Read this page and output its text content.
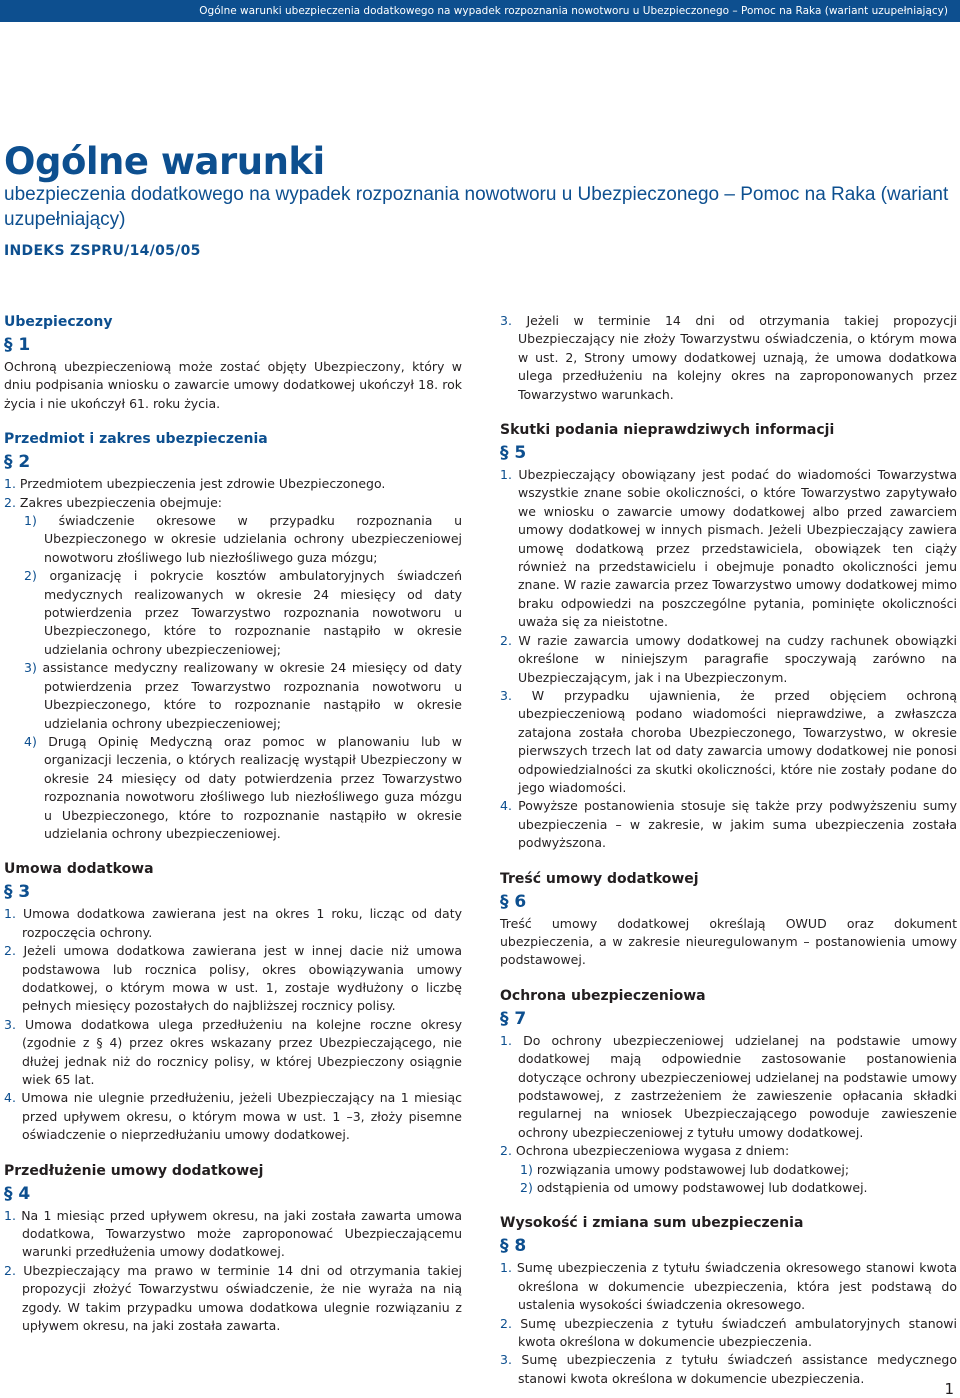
Ogólne warunki ubezpieczenia dodatkowego na wypadek rozpoznania nowotworu u Ubezpieczonego – Pomoc na Raka (wariant uzupełniający)
Ogólne warunki
ubezpieczenia dodatkowego na wypadek rozpoznania nowotworu u Ubezpieczonego – Pomoc na Raka (wariant uzupełniający)
INDEKS ZSPRU/14/05/05
Ubezpieczony
§ 1

Ochroną ubezpieczeniową może zostać objęty Ubezpieczony, który w dniu podpisania wniosku o zawarcie umowy dodatkowej ukończył 18. rok życia i nie ukończył 61. roku życia.

Przedmiot i zakres ubezpieczenia
§ 2
1. Przedmiotem ubezpieczenia jest zdrowie Ubezpieczonego.
2. Zakres ubezpieczenia obejmuje:
1) świadczenie okresowe w przypadku rozpoznania u Ubezpieczonego w okresie udzielania ochrony ubezpieczeniowej nowotworu złośliwego lub niezłośliwego guza mózgu;
2) organizację i pokrycie kosztów ambulatoryjnych świadczeń medycznych realizowanych w okresie 24 miesięcy od daty potwierdzenia przez Towarzystwo rozpoznania nowotworu u Ubezpieczonego, które to rozpoznanie nastąpiło w okresie udzielania ochrony ubezpieczeniowej;
3) assistance medyczny realizowany w okresie 24 miesięcy od daty potwierdzenia przez Towarzystwo rozpoznania nowotworu u Ubezpieczonego, które to rozpoznanie nastąpiło w okresie udzielania ochrony ubezpieczeniowej;
4) Drugą Opinię Medyczną oraz pomoc w planowaniu lub w organizacji leczenia, o których realizację wystąpił Ubezpieczony w okresie 24 miesięcy od daty potwierdzenia przez Towarzystwo rozpoznania nowotworu złośliwego lub niezłośliwego guza mózgu u Ubezpieczonego, które to rozpoznanie nastąpiło w okresie udzielania ochrony ubezpieczeniowej.
Umowa dodatkowa
§ 3
1. Umowa dodatkowa zawierana jest na okres 1 roku, licząc od daty rozpoczęcia ochrony.
2. Jeżeli umowa dodatkowa zawierana jest w innej dacie niż umowa podstawowa lub rocznica polisy, okres obowiązywania umowy dodatkowej, o którym mowa w ust. 1, zostaje wydłużony o liczbę pełnych miesięcy pozostałych do najbliższej rocznicy polisy.
3. Umowa dodatkowa ulega przedłużeniu na kolejne roczne okresy (zgodnie z § 4) przez okres wskazany przez Ubezpieczającego, nie dłużej jednak niż do rocznicy polisy, w której Ubezpieczony osiągnie wiek 65 lat.
4. Umowa nie ulegnie przedłużeniu, jeżeli Ubezpieczający na 1 miesiąc przed upływem okresu, o którym mowa w ust. 1 –3, złoży pisemne oświadczenie o nieprzedłużaniu umowy dodatkowej.
Przedłużenie umowy dodatkowej
§ 4
1. Na 1 miesiąc przed upływem okresu, na jaki została zawarta umowa dodatkowa, Towarzystwo może zaproponować Ubezpieczającemu warunki przedłużenia umowy dodatkowej.
2. Ubezpieczający ma prawo w terminie 14 dni od otrzymania takiej propozycji złożyć Towarzystwu oświadczenie, że nie wyraża na nią zgody. W takim przypadku umowa dodatkowa ulegnie rozwiązaniu z upływem okresu, na jaki została zawarta.
3. Jeżeli w terminie 14 dni od otrzymania takiej propozycji Ubezpieczający nie złoży Towarzystwu oświadczenia, o którym mowa w ust. 2, Strony umowy dodatkowej uznają, że umowa dodatkowa ulega przedłużeniu na kolejny okres na zaproponowanych przez Towarzystwo warunkach.
Skutki podania nieprawdziwych informacji
§ 5
1. Ubezpieczający obowiązany jest podać do wiadomości Towarzystwa wszystkie znane sobie okoliczności, o które Towarzystwo zapytywało we wniosku o zawarcie umowy dodatkowej albo przed zawarciem umowy dodatkowej w innych pismach. Jeżeli Ubezpieczający zawiera umowę dodatkową przez przedstawiciela, obowiązek ten ciąży również na przedstawicielu i obejmuje ponadto okoliczności jemu znane. W razie zawarcia przez Towarzystwo umowy dodatkowej mimo braku odpowiedzi na poszczególne pytania, pominięte okoliczności uważa się za nieistotne.
2. W razie zawarcia umowy dodatkowej na cudzy rachunek obowiązki określone w niniejszym paragrafie spoczywają zarówno na Ubezpieczającym, jak i na Ubezpieczonym.
3. W przypadku ujawnienia, że przed objęciem ochroną ubezpieczeniową podano wiadomości nieprawdziwe, a zwłaszcza zatajona została choroba Ubezpieczonego, Towarzystwo, w okresie pierwszych trzech lat od daty zawarcia umowy dodatkowej nie ponosi odpowiedzialności za skutki okoliczności, które nie zostały podane do jego wiadomości.
4. Powyższe postanowienia stosuje się także przy podwyższeniu sumy ubezpieczenia – w zakresie, w jakim suma ubezpieczenia została podwyższona.
Treść umowy dodatkowej
§ 6

Treść umowy dodatkowej określają OWUD oraz dokument ubezpieczenia, a w zakresie nieuregulowanym – postanowienia umowy podstawowej.

Ochrona ubezpieczeniowa
§ 7
1. Do ochrony ubezpieczeniowej udzielanej na podstawie umowy dodatkowej mają odpowiednie zastosowanie postanowienia dotyczące ochrony ubezpieczeniowej udzielanej na podstawie umowy podstawowej, z zastrzeżeniem że zawieszenie opłacania składki regularnej na wniosek Ubezpieczającego powoduje zawieszenie ochrony ubezpieczeniowej z tytułu umowy dodatkowej.
2. Ochrona ubezpieczeniowa wygasa z dniem:
1) rozwiązania umowy podstawowej lub dodatkowej;
2) odstąpienia od umowy podstawowej lub dodatkowej.
Wysokość i zmiana sum ubezpieczenia
§ 8
1. Sumę ubezpieczenia z tytułu świadczenia okresowego stanowi kwota określona w dokumencie ubezpieczenia, która jest podstawą do ustalenia wysokości świadczenia okresowego.
2. Sumę ubezpieczenia z tytułu świadczeń ambulatoryjnych stanowi kwota określona w dokumencie ubezpieczenia.
3. Sumę ubezpieczenia z tytułu świadczeń assistance medycznego stanowi kwota określona w dokumencie ubezpieczenia.
1
